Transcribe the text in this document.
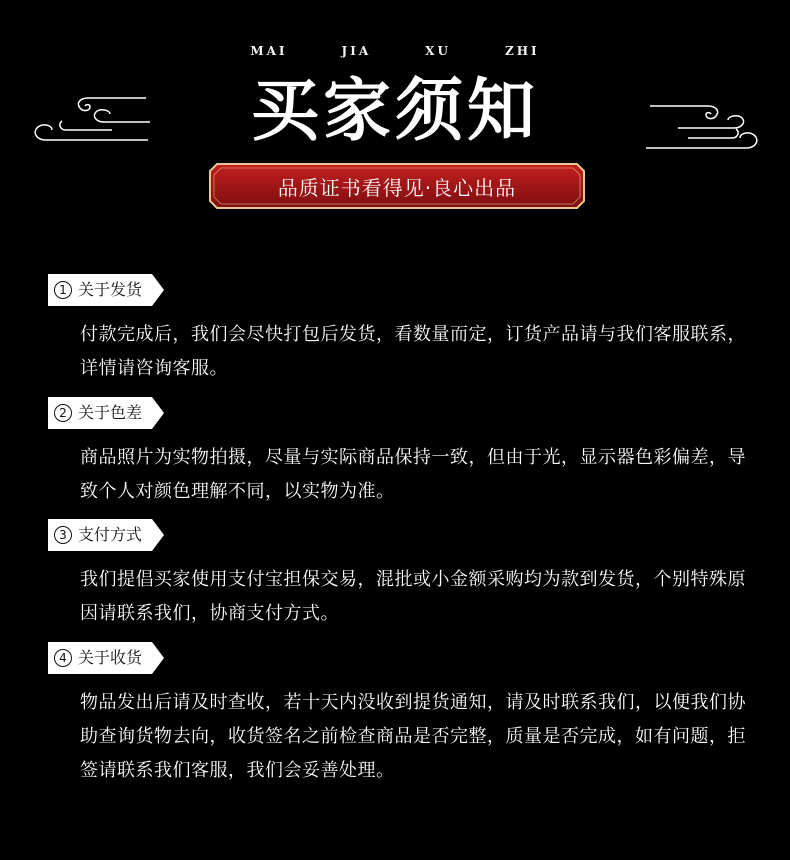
MAI	JIA	XU	ZHI
买家须知
品质证书看得见·良心出品
1 关于发货
付款完成后，我们会尽快打包后发货，看数量而定，订货产品请与我们客服联系，详情请咨询客服。
2 关于色差
商品照片为实物拍摄，尽量与实际商品保持一致，但由于光，显示器色彩偏差，导致个人对颜色理解不同，以实物为准。
3 支付方式
我们提倡买家使用支付宝担保交易，混批或小金额采购均为款到发货，个别特殊原因请联系我们，协商支付方式。
4 关于收货
物品发出后请及时查收，若十天内没收到提货通知，请及时联系我们，以便我们协助查询货物去向，收货签名之前检查商品是否完整，质量是否完成，如有问题，拒签请联系我们客服，我们会妥善处理。
